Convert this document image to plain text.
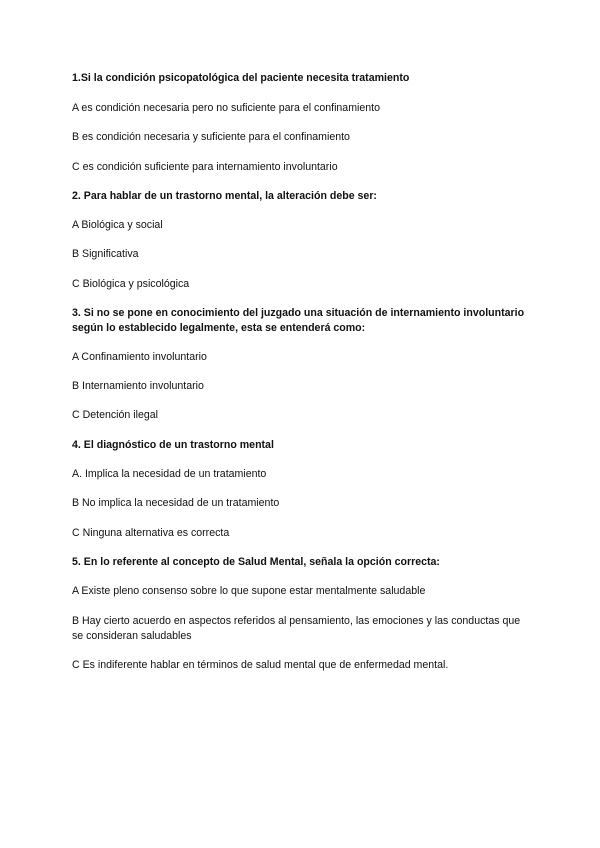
1.Si la condición psicopatológica del paciente necesita tratamiento
A es condición necesaria pero no suficiente para el confinamiento
B es condición necesaria y suficiente para el confinamiento
C es condición suficiente para internamiento involuntario
2. Para hablar de un trastorno mental, la alteración debe ser:
A Biológica y social
B Significativa
C Biológica y psicológica
3. Si no se pone en conocimiento del juzgado una situación de internamiento involuntario según lo establecido legalmente, esta se entenderá como:
A Confinamiento involuntario
B Internamiento involuntario
C Detención ilegal
4. El diagnóstico de un trastorno mental
A. Implica la necesidad de un tratamiento
B No implica la necesidad de un tratamiento
C Ninguna alternativa es correcta
5. En lo referente al concepto de Salud Mental, señala la opción correcta:
A Existe pleno consenso sobre lo que supone estar mentalmente saludable
B Hay cierto acuerdo en aspectos referidos al pensamiento, las emociones y las conductas que se consideran saludables
C Es indiferente hablar en términos de salud mental que de enfermedad mental.
